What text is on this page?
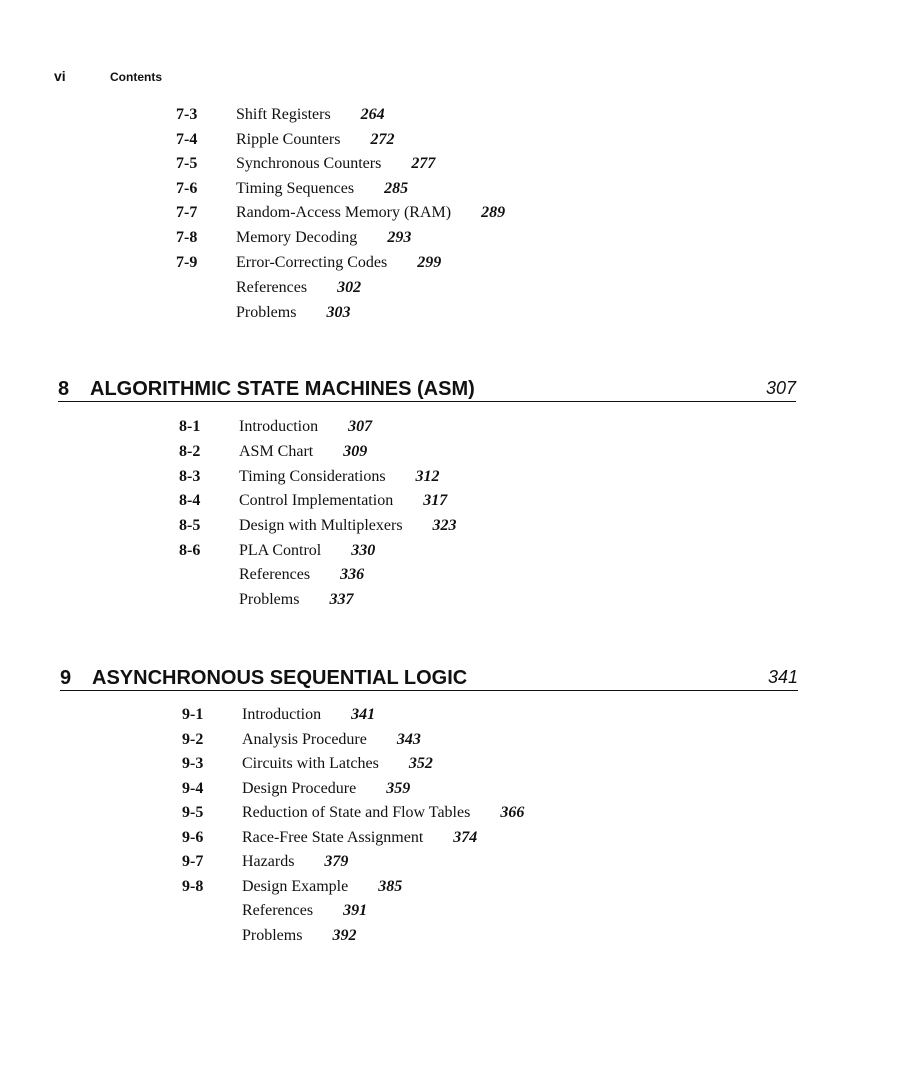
vi	Contents
7-3	Shift Registers 264
7-4	Ripple Counters 272
7-5	Synchronous Counters 277
7-6	Timing Sequences 285
7-7	Random-Access Memory (RAM) 289
7-8	Memory Decoding 293
7-9	Error-Correcting Codes 299
References 302
Problems 303
8 ALGORITHMIC STATE MACHINES (ASM)	307
8-1	Introduction 307
8-2	ASM Chart 309
8-3	Timing Considerations 312
8-4	Control Implementation 317
8-5	Design with Multiplexers 323
8-6	PLA Control 330
References 336
Problems 337
9 ASYNCHRONOUS SEQUENTIAL LOGIC	341
9-1	Introduction 341
9-2	Analysis Procedure 343
9-3	Circuits with Latches 352
9-4	Design Procedure 359
9-5	Reduction of State and Flow Tables 366
9-6	Race-Free State Assignment 374
9-7	Hazards 379
9-8	Design Example 385
References 391
Problems 392
